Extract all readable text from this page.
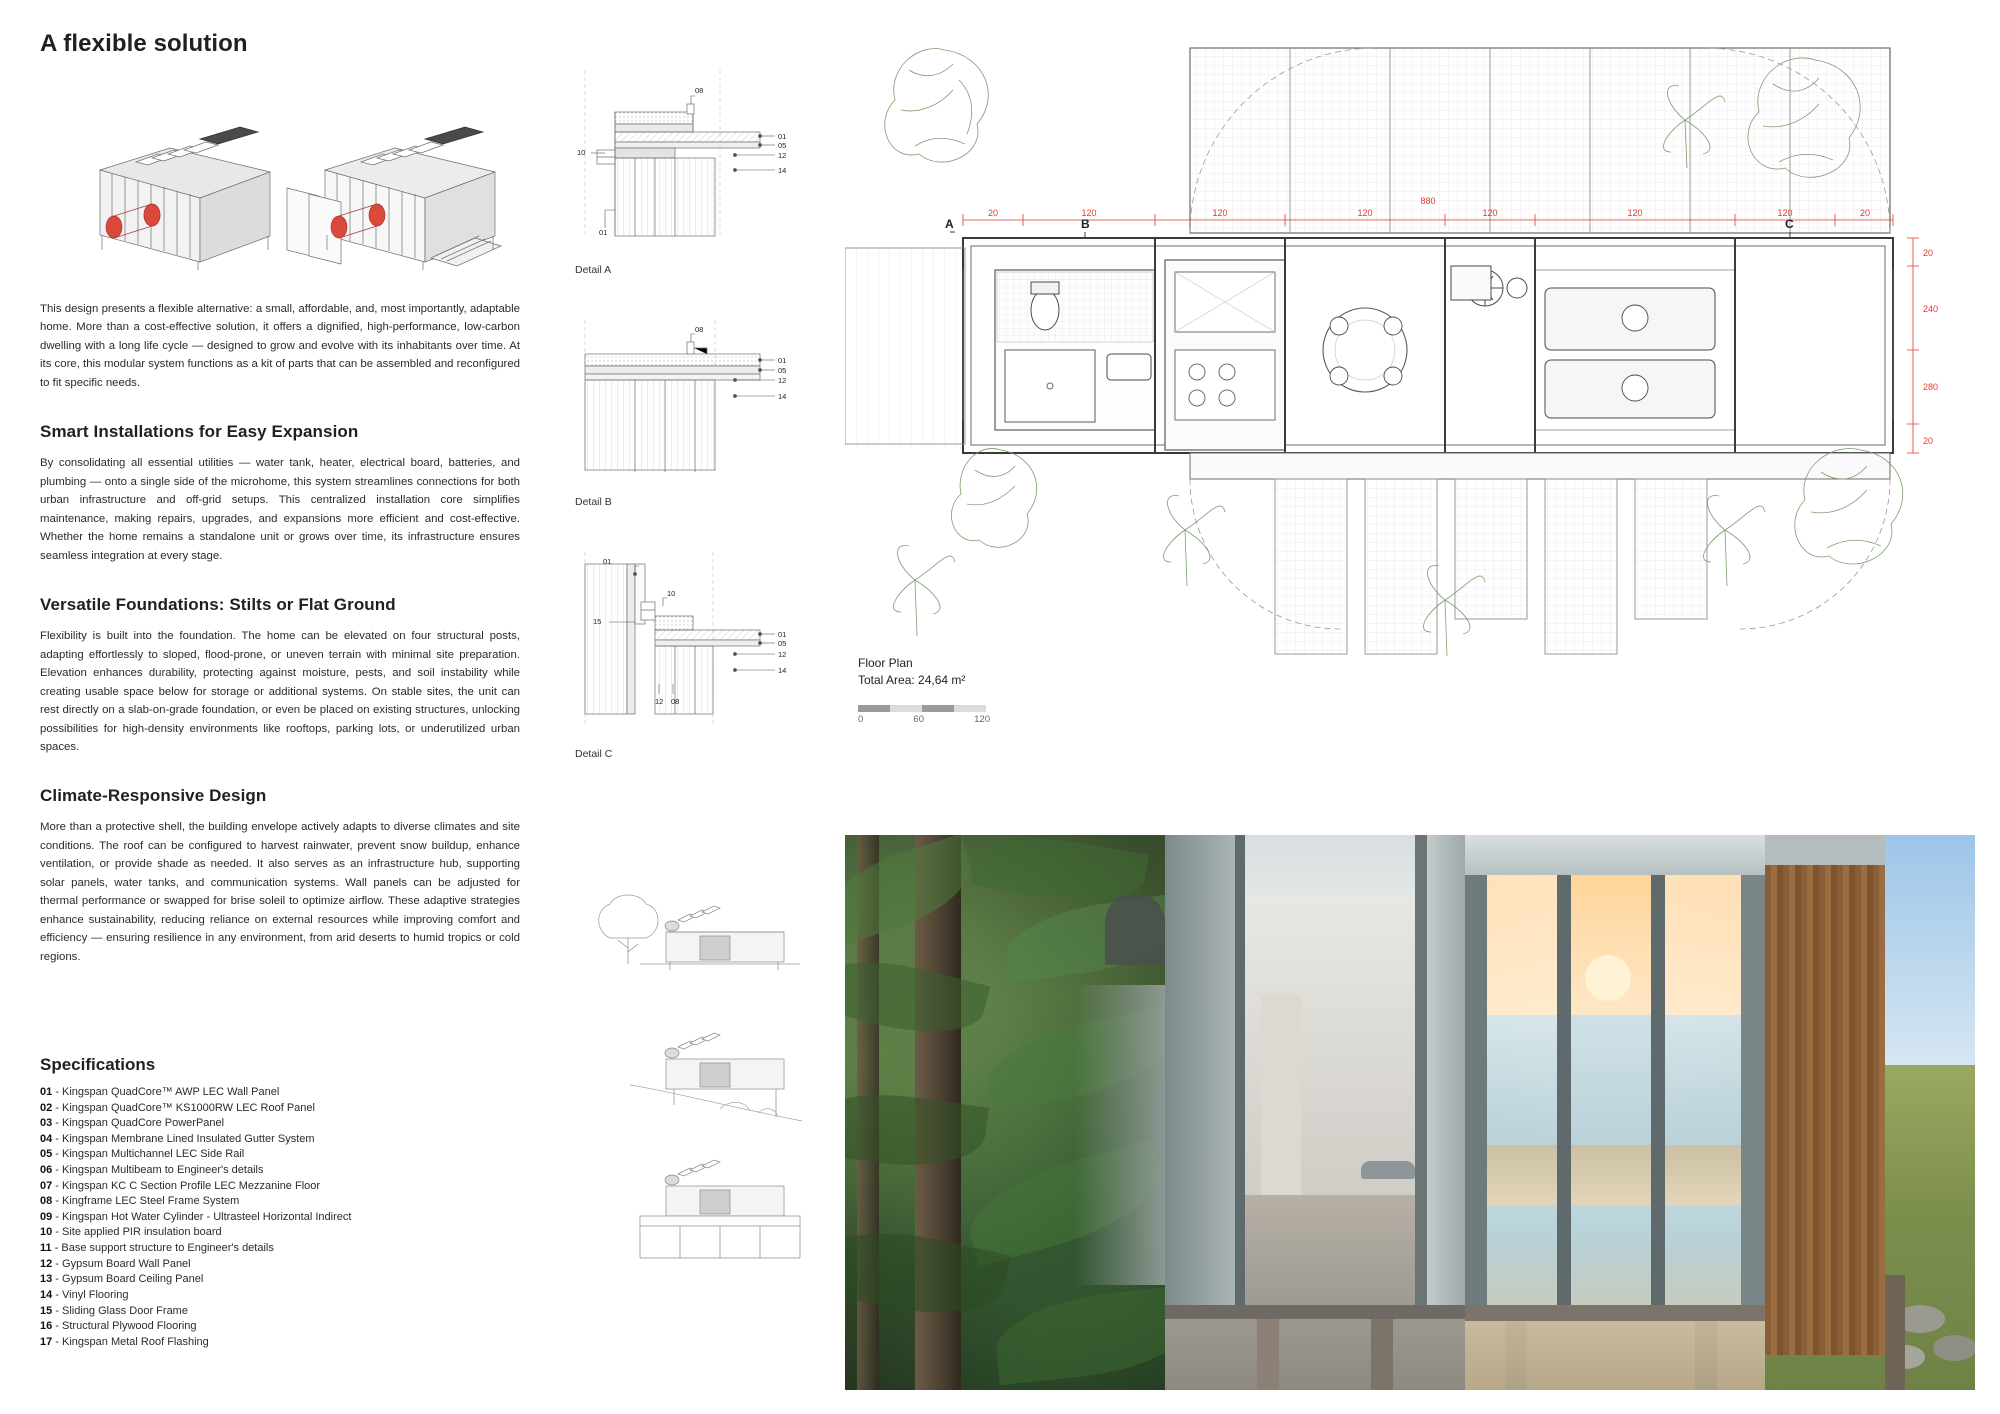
A flexible solution

This design presents a flexible alternative: a small, affordable, and, most importantly, adaptable home. More than a cost-effective solution, it offers a dignified, high-performance, low-carbon dwelling with a long life cycle — designed to grow and evolve with its inhabitants over time. At its core, this modular system functions as a kit of parts that can be assembled and reconfigured to fit specific needs.

Smart Installations for Easy Expansion

By consolidating all essential utilities — water tank, heater, electrical board, batteries, and plumbing — onto a single side of the microhome, this system streamlines connections for both urban infrastructure and off-grid setups. This centralized installation core simplifies maintenance, making repairs, upgrades, and expansions more efficient and cost-effective. Whether the home remains a standalone unit or grows over time, its infrastructure ensures seamless integration at every stage.

Versatile Foundations: Stilts or Flat Ground

Flexibility is built into the foundation. The home can be elevated on four structural posts, adapting effortlessly to sloped, flood-prone, or uneven terrain with minimal site preparation. Elevation enhances durability, protecting against moisture, pests, and soil instability while creating usable space below for storage or additional systems. On stable sites, the unit can rest directly on a slab-on-grade foundation, or even be placed on existing structures, unlocking possibilities for high-density environments like rooftops, parking lots, or underutilized urban spaces.

Climate-Responsive Design

More than a protective shell, the building envelope actively adapts to diverse climates and site conditions. The roof can be configured to harvest rainwater, prevent snow buildup, enhance ventilation, or provide shade as needed. It also serves as an infrastructure hub, supporting solar panels, water tanks, and communication systems. Wall panels can be adjusted for thermal performance or swapped for brise soleil to optimize airflow. These adaptive strategies enhance sustainability, reducing reliance on external resources while improving comfort and efficiency — ensuring resilience in any environment, from arid deserts to humid tropics or cold regions.

Specifications
01 - Kingspan QuadCore™ AWP LEC Wall Panel
02 - Kingspan QuadCore™ KS1000RW LEC Roof Panel
03 - Kingspan QuadCore PowerPanel
04 - Kingspan Membrane Lined Insulated Gutter System
05 - Kingspan Multichannel LEC Side Rail
06 - Kingspan Multibeam to Engineer's details
07 - Kingspan KC C Section Profile LEC Mezzanine Floor
08 - Kingframe LEC Steel Frame System
09 - Kingspan Hot Water Cylinder - Ultrasteel Horizontal Indirect
10 - Site applied PIR insulation board
11 - Base support structure to Engineer's details
12 - Gypsum Board Wall Panel
13 - Gypsum Board Ceiling Panel
14 - Vinyl Flooring
15 - Sliding Glass Door Frame
16 - Structural Plywood Flooring
17 - Kingspan Metal Roof Flashing
08
01
05
12
14
10
01
Detail A
08
01
05
12
14
Detail B
01
10
15
01
05
12
14
12 08
Detail C
20	120	120	120
880
120	120	120	20
20
240
280
20
A	B	C
Floor Plan
Total Area: 24,64 m²
0	60	120
